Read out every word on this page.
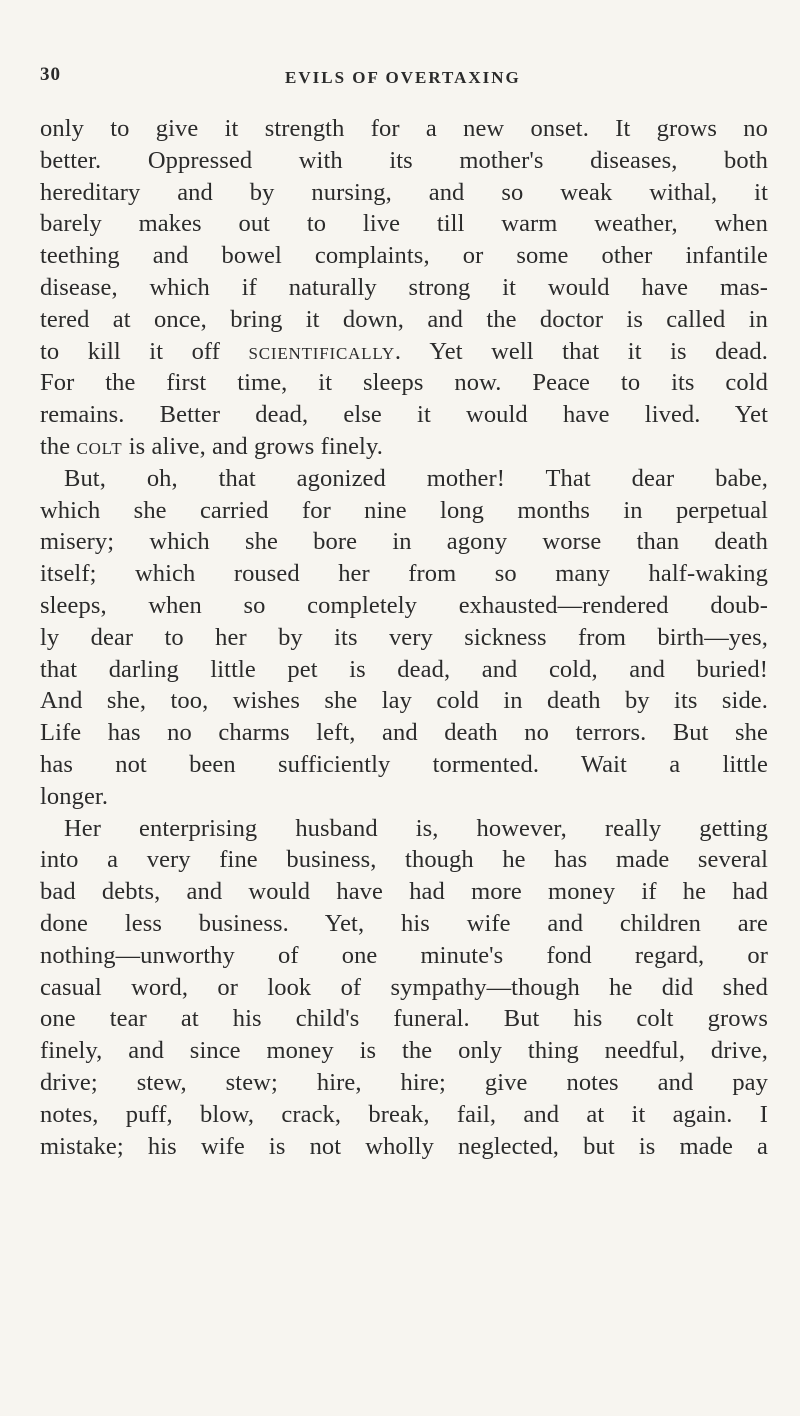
30	EVILS OF OVERTAXING
only to give it strength for a new onset. It grows no
better. Oppressed with its mother's diseases, both
hereditary and by nursing, and so weak withal, it
barely makes out to live till warm weather, when
teething and bowel complaints, or some other infantile
disease, which if naturally strong it would have mas-
tered at once, bring it down, and the doctor is called in
to kill it off scientifically. Yet well that it is dead.
For the first time, it sleeps now. Peace to its cold
remains. Better dead, else it would have lived. Yet
the colt is alive, and grows finely.
But, oh, that agonized mother! That dear babe,
which she carried for nine long months in perpetual
misery; which she bore in agony worse than death
itself; which roused her from so many half-waking
sleeps, when so completely exhausted—rendered doub-
ly dear to her by its very sickness from birth—yes,
that darling little pet is dead, and cold, and buried!
And she, too, wishes she lay cold in death by its side.
Life has no charms left, and death no terrors. But she
has not been sufficiently tormented. Wait a little
longer.
Her enterprising husband is, however, really getting
into a very fine business, though he has made several
bad debts, and would have had more money if he had
done less business. Yet, his wife and children are
nothing—unworthy of one minute's fond regard, or
casual word, or look of sympathy—though he did shed
one tear at his child's funeral. But his colt grows
finely, and since money is the only thing needful, drive,
drive; stew, stew; hire, hire; give notes and pay
notes, puff, blow, crack, break, fail, and at it again. I
mistake; his wife is not wholly neglected, but is made a
